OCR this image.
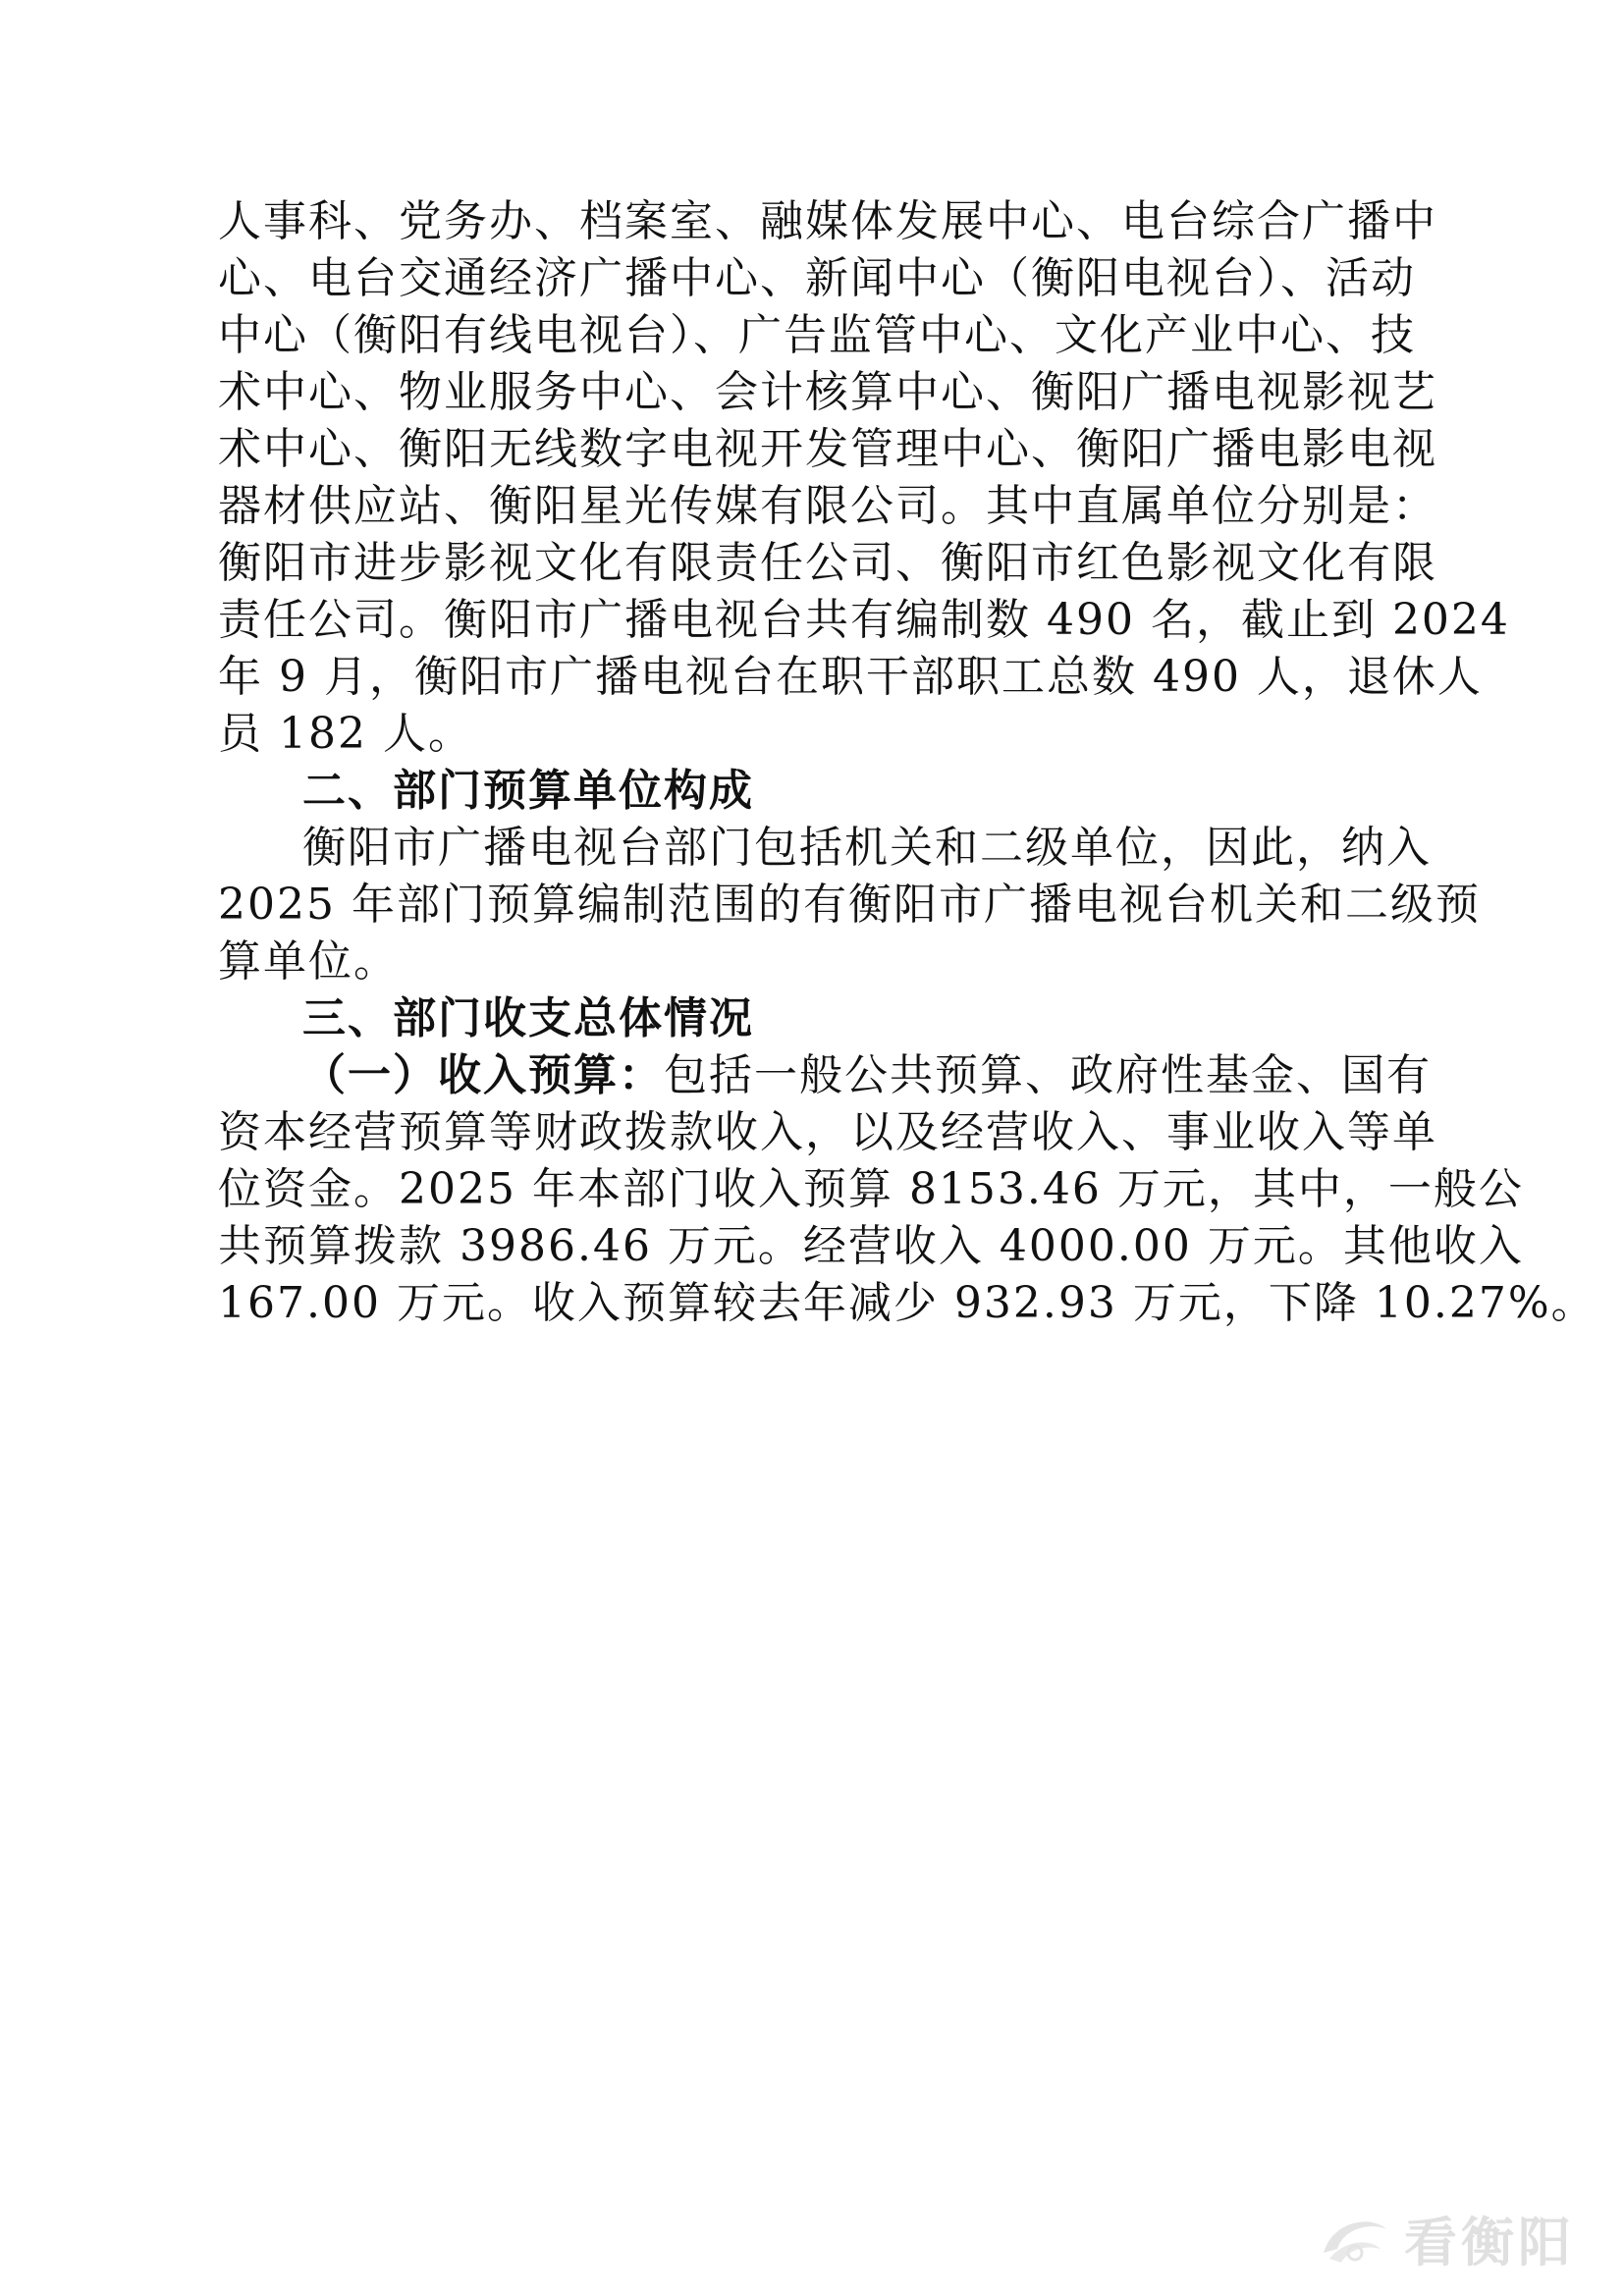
人事科、党务办、档案室、融媒体发展中心、电台综合广播中
心、电台交通经济广播中心、新闻中心（衡阳电视台）、活动
中心（衡阳有线电视台）、广告监管中心、文化产业中心、技
术中心、物业服务中心、会计核算中心、衡阳广播电视影视艺
术中心、衡阳无线数字电视开发管理中心、衡阳广播电影电视
器材供应站、衡阳星光传媒有限公司。其中直属单位分别是：
衡阳市进步影视文化有限责任公司、衡阳市红色影视文化有限
责任公司。衡阳市广播电视台共有编制数 490 名，截止到 2024
年 9 月，衡阳市广播电视台在职干部职工总数 490 人，退休人
员 182 人。
二、部门预算单位构成
衡阳市广播电视台部门包括机关和二级单位，因此，纳入
2025 年部门预算编制范围的有衡阳市广播电视台机关和二级预
算单位。
三、部门收支总体情况
（一）收入预算：包括一般公共预算、政府性基金、国有
资本经营预算等财政拨款收入，以及经营收入、事业收入等单
位资金。2025 年本部门收入预算 8153.46 万元，其中，一般公
共预算拨款 3986.46 万元。经营收入 4000.00 万元。其他收入
167.00 万元。收入预算较去年减少 932.93 万元，下降 10.27%。
看衡阳
